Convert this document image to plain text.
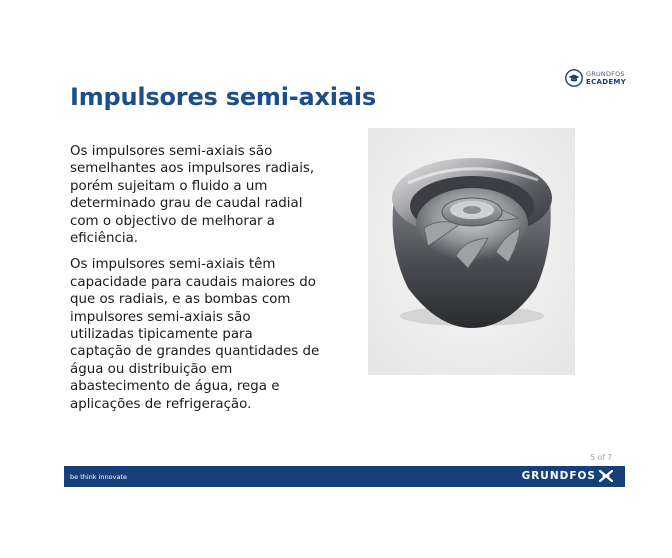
GRUNDFOS
ECADEMY
Impulsores semi-axiais

Os impulsores semi-axiais são
semelhantes aos impulsores radiais,
porém sujeitam o fluido a um
determinado grau de caudal radial
com o objectivo de melhorar a
eficiência.

Os impulsores semi-axiais têm
capacidade para caudais maiores do
que os radiais, e as bombas com
impulsores semi-axiais são
utilizadas tipicamente para
captação de grandes quantidades de
água ou distribuição em
abastecimento de água, rega e
aplicações de refrigeração.

5 of 7
be think innovate	GRUNDFOS
